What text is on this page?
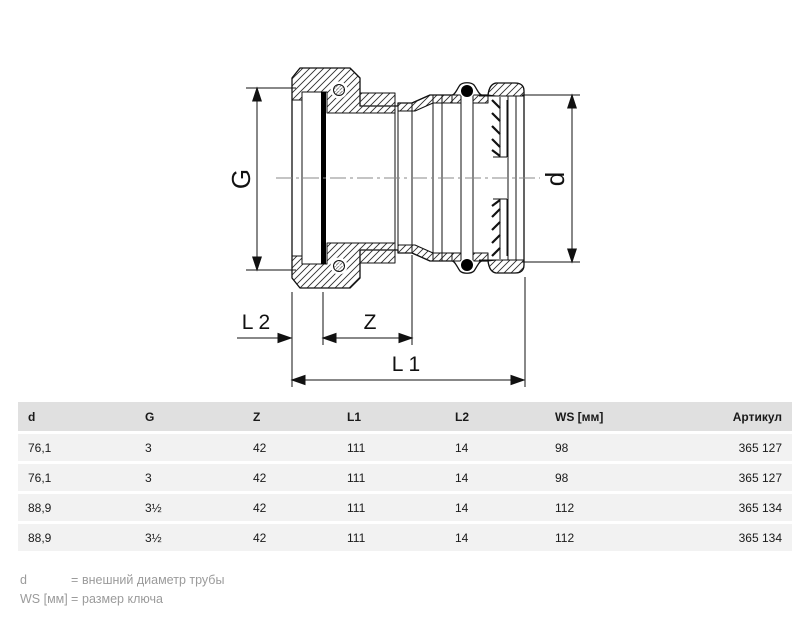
G	d
L 2	Z
L 1
d	G	Z	L1	L2	WS [мм]	Артикул
76,1	3	42	111	14	98	365 127
76,1	3	42	111	14	98	365 127
88,9	3½	42	111	14	112	365 134
88,9	3½	42	111	14	112	365 134
d	= внешний диаметр трубы
WS [мм] = размер ключа
